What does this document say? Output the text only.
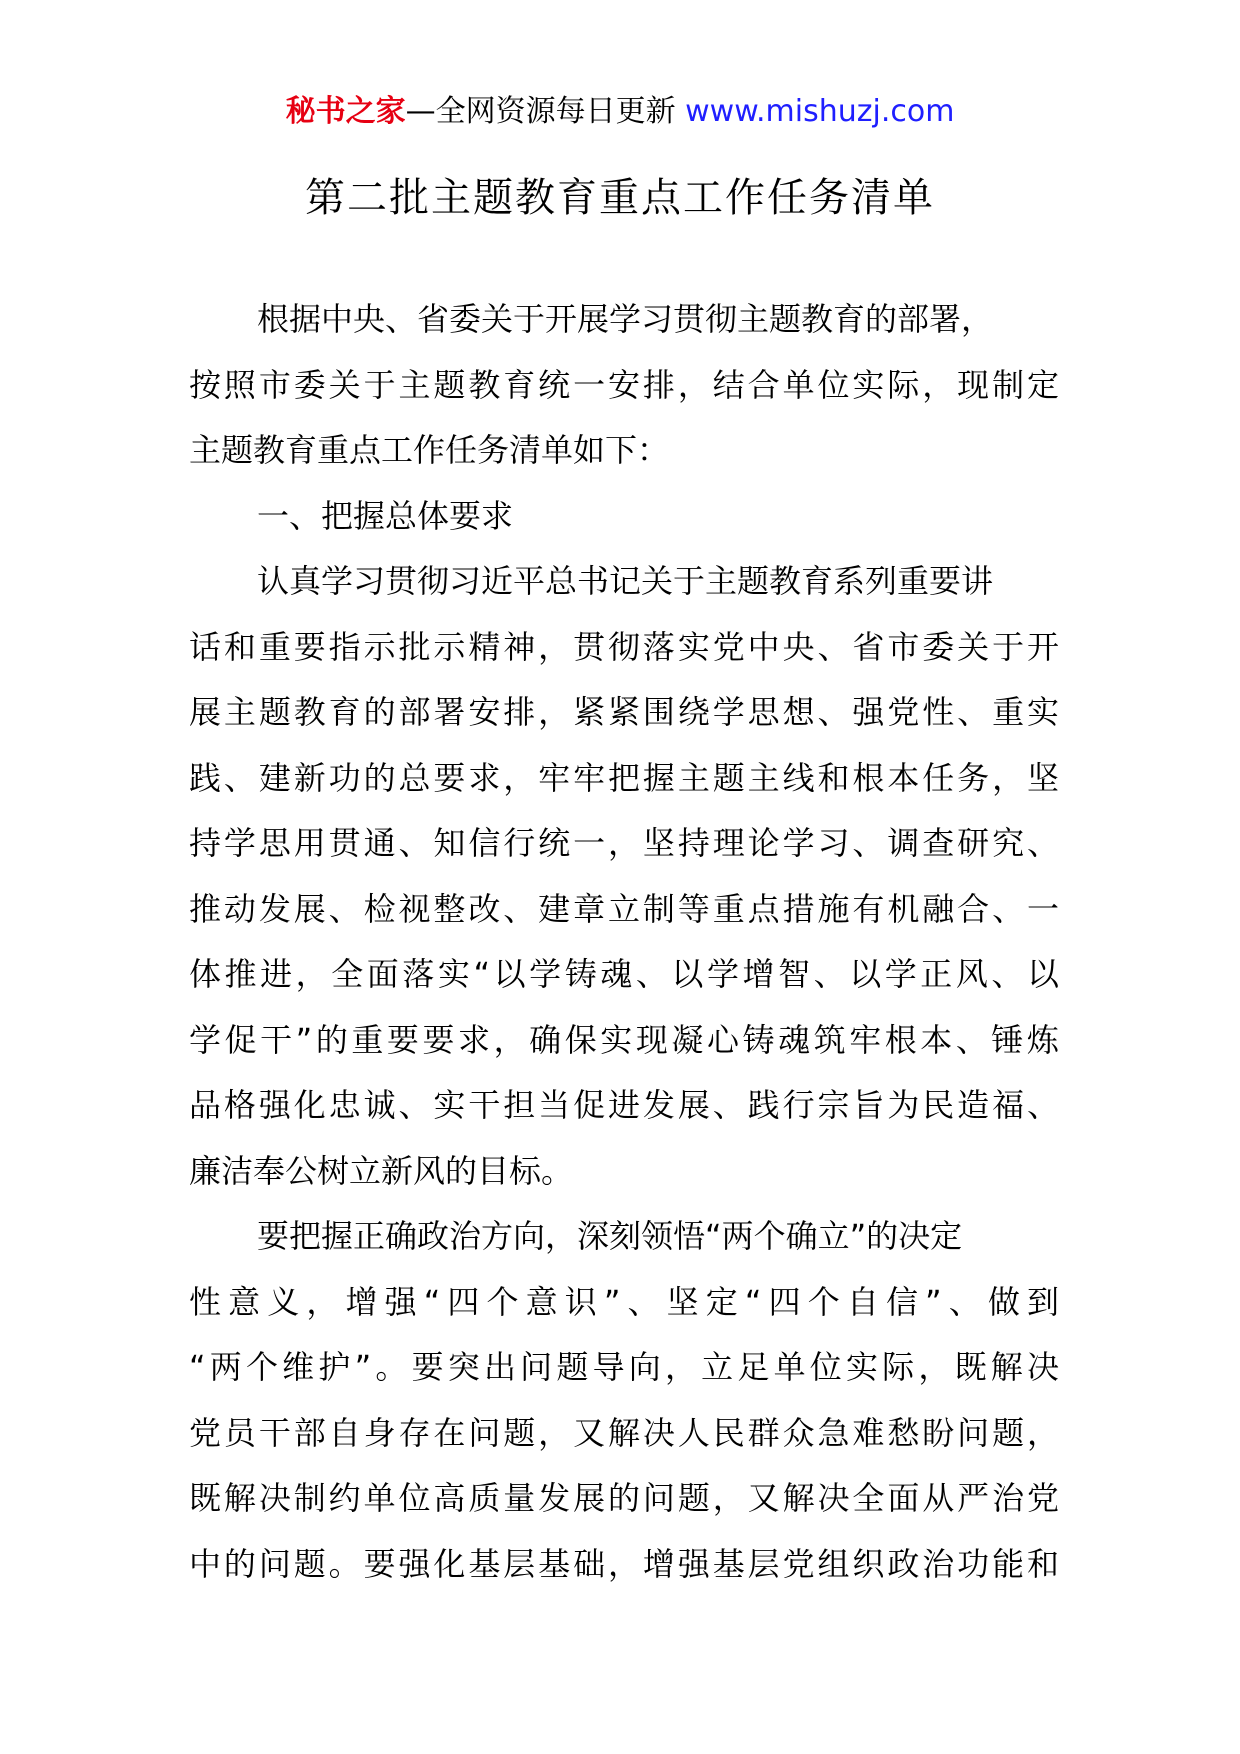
秘书之家—全网资源每日更新 www.mishuzj.com
第二批主题教育重点工作任务清单
根据中央、省委关于开展学习贯彻主题教育的部署，
按照市委关于主题教育统一安排，结合单位实际，现制定
主题教育重点工作任务清单如下：
一、把握总体要求
认真学习贯彻习近平总书记关于主题教育系列重要讲
话和重要指示批示精神，贯彻落实党中央、省市委关于开
展主题教育的部署安排，紧紧围绕学思想、强党性、重实
践、建新功的总要求，牢牢把握主题主线和根本任务，坚
持学思用贯通、知信行统一，坚持理论学习、调查研究、
推动发展、检视整改、建章立制等重点措施有机融合、一
体推进，全面落实“以学铸魂、以学增智、以学正风、以
学促干”的重要要求，确保实现凝心铸魂筑牢根本、锤炼
品格强化忠诚、实干担当促进发展、践行宗旨为民造福、
廉洁奉公树立新风的目标。
要把握正确政治方向，深刻领悟“两个确立”的决定
性意义，增强“四个意识”、坚定“四个自信”、做到
“两个维护”。要突出问题导向，立足单位实际，既解决
党员干部自身存在问题，又解决人民群众急难愁盼问题，
既解决制约单位高质量发展的问题，又解决全面从严治党
中的问题。要强化基层基础，增强基层党组织政治功能和
